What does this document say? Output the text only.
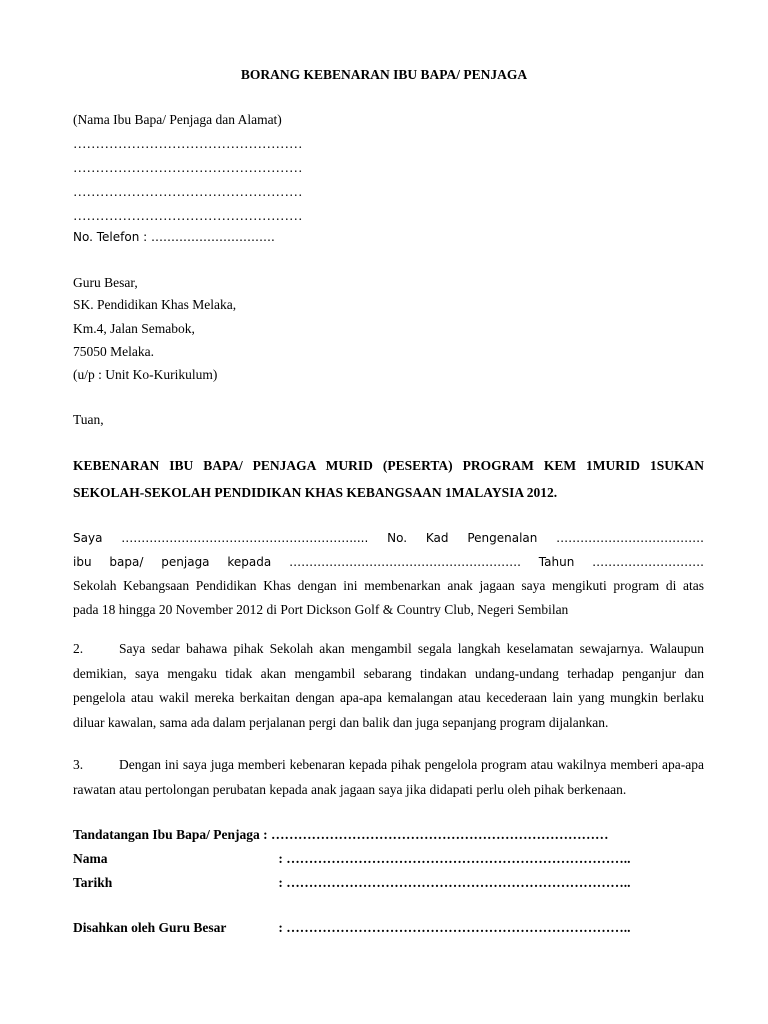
BORANG KEBENARAN IBU BAPA/ PENJAGA
(Nama Ibu Bapa/ Penjaga dan Alamat)
……………………………………………
……………………………………………
……………………………………………
……………………………………………
No. Telefon : ………………………….
Guru Besar,
SK. Pendidikan Khas Melaka,
Km.4, Jalan Semabok,
75050 Melaka.
(u/p : Unit Ko-Kurikulum)
Tuan,
KEBENARAN IBU BAPA/ PENJAGA MURID (PESERTA) PROGRAM KEM 1MURID 1SUKAN
SEKOLAH-SEKOLAH PENDIDIKAN KHAS KEBANGSAAN 1MALAYSIA 2012.
Saya …………………………………………………..... No. Kad Pengenalan ……………………………….
ibu bapa/ penjaga kepada …………………………………………………. Tahun ……………………….
Sekolah Kebangsaan Pendidikan Khas dengan ini membenarkan anak jagaan saya mengikuti program di atas
pada 18 hingga 20 November 2012 di Port Dickson Golf & Country Club, Negeri Sembilan
2.	Saya sedar bahawa pihak Sekolah akan mengambil segala langkah keselamatan sewajarnya. Walaupun demikian, saya mengaku tidak akan mengambil sebarang tindakan undang-undang terhadap penganjur dan pengelola atau wakil mereka berkaitan dengan apa-apa kemalangan atau kecederaan lain yang mungkin berlaku diluar kawalan, sama ada dalam perjalanan pergi dan balik dan juga sepanjang program dijalankan.
3.	Dengan ini saya juga memberi kebenaran kepada pihak pengelola program atau wakilnya memberi apa-apa rawatan atau pertolongan perubatan kepada anak jagaan saya jika didapati perlu oleh pihak berkenaan.
Tandatangan Ibu Bapa/ Penjaga : …………………………………………………………………
Nama	: …………………………………………………………………..
Tarikh	: …………………………………………………………………..
Disahkan oleh Guru Besar	: …………………………………………………………………..
